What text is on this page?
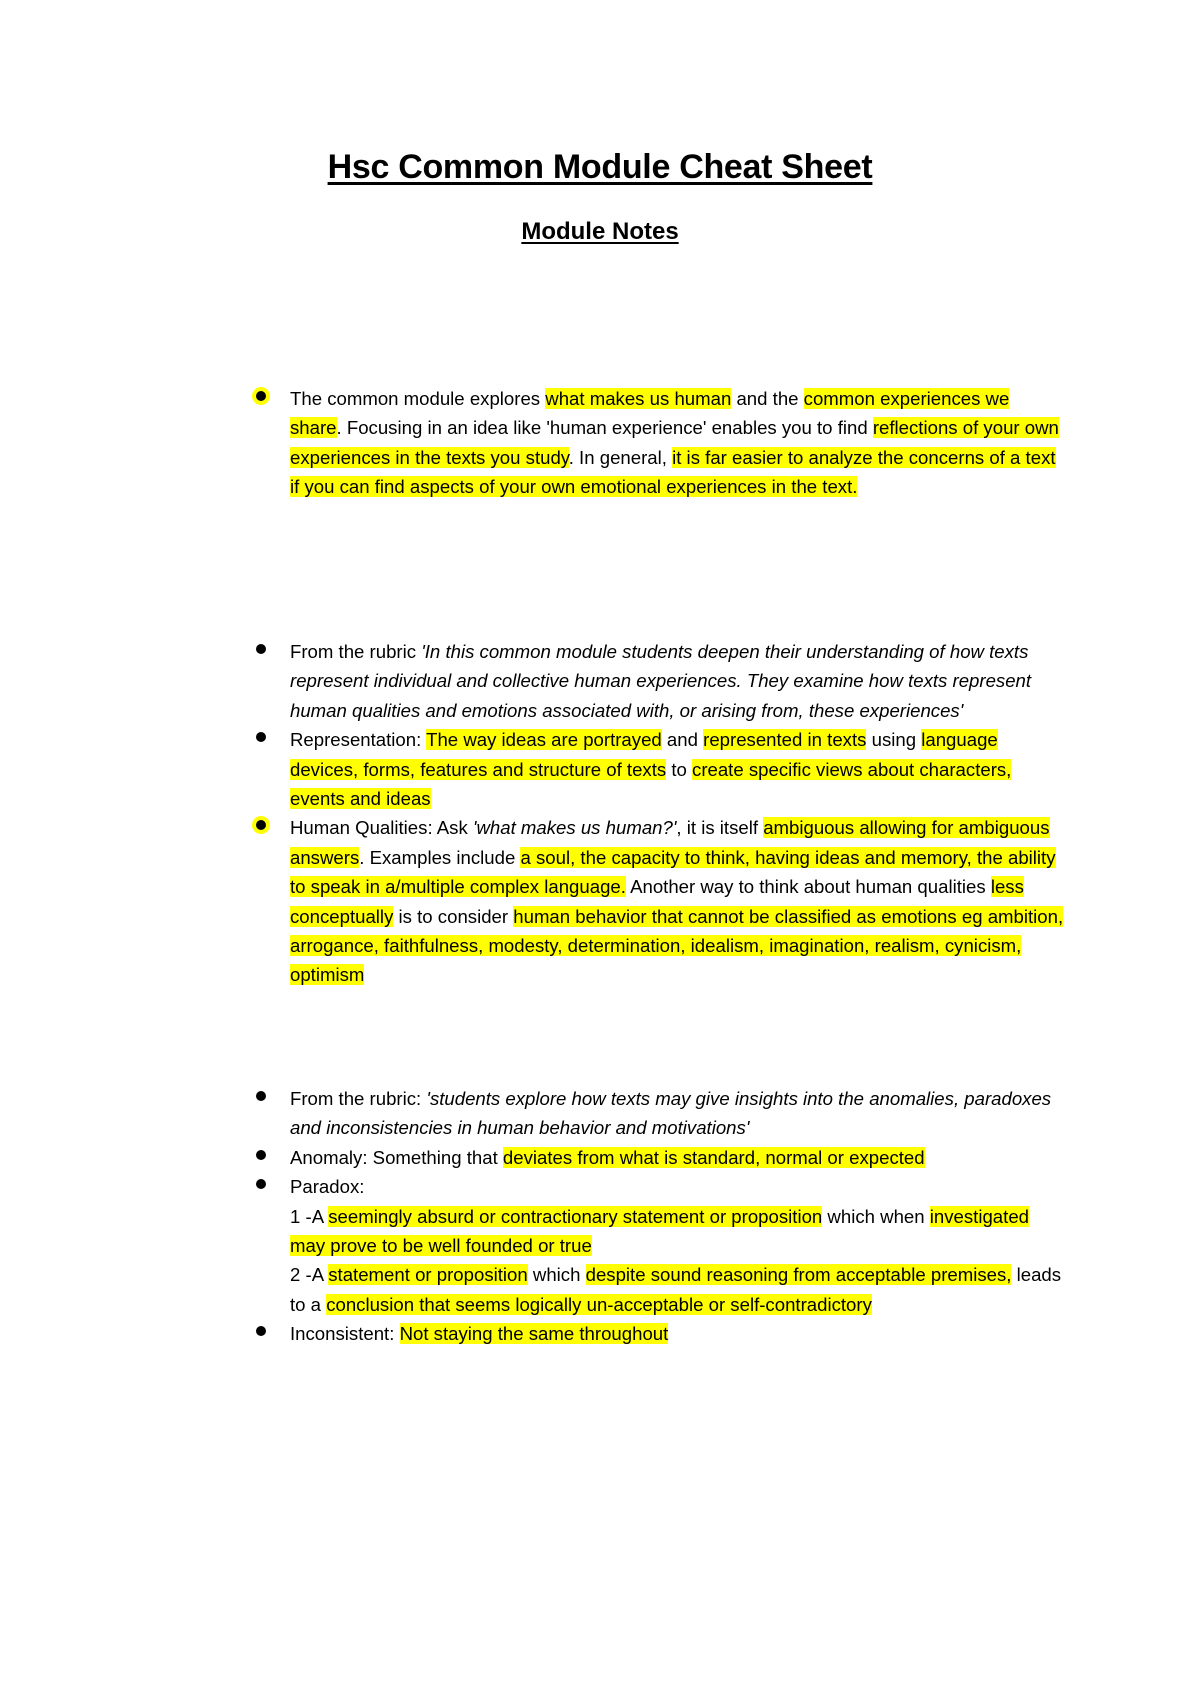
Hsc Common Module Cheat Sheet
Module Notes
The common module explores what makes us human and the common experiences we share. Focusing in an idea like 'human experience' enables you to find reflections of your own experiences in the texts you study. In general, it is far easier to analyze the concerns of a text if you can find aspects of your own emotional experiences in the text.
From the rubric 'In this common module students deepen their understanding of how texts represent individual and collective human experiences. They examine how texts represent human qualities and emotions associated with, or arising from, these experiences'
Representation: The way ideas are portrayed and represented in texts using language devices, forms, features and structure of texts to create specific views about characters, events and ideas
Human Qualities: Ask 'what makes us human?', it is itself ambiguous allowing for ambiguous answers. Examples include a soul, the capacity to think, having ideas and memory, the ability to speak in a/multiple complex language. Another way to think about human qualities less conceptually is to consider human behavior that cannot be classified as emotions eg ambition, arrogance, faithfulness, modesty, determination, idealism, imagination, realism, cynicism, optimism
From the rubric: 'students explore how texts may give insights into the anomalies, paradoxes and inconsistencies in human behavior and motivations'
Anomaly: Something that deviates from what is standard, normal or expected
Paradox:
1 -A seemingly absurd or contractionary statement or proposition which when investigated may prove to be well founded or true
2 -A statement or proposition which despite sound reasoning from acceptable premises, leads to a conclusion that seems logically un-acceptable or self-contradictory
Inconsistent: Not staying the same throughout
